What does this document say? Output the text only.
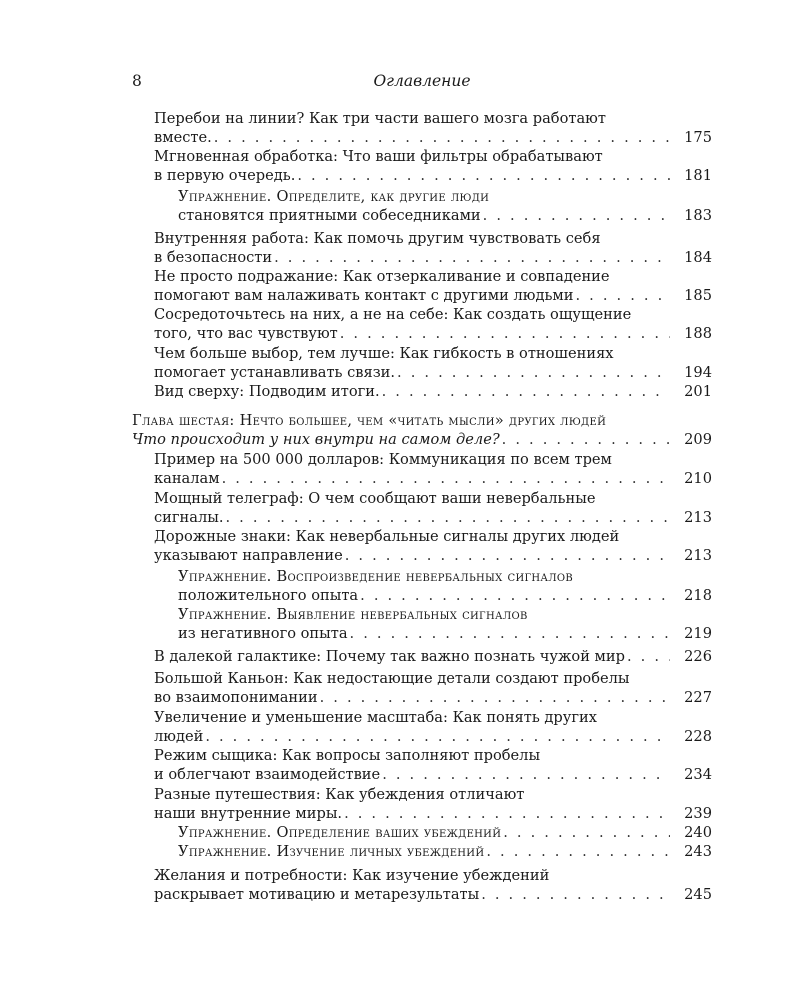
8	Оглавление
Перебои на линии? Как три части вашего мозга работают
вместе. . . .	175
Мгновенная обработка: Что ваши фильтры обрабатывают
в первую очередь. . . .	181
Упражнение. Определите, как другие люди
становятся приятными собеседниками . . .	183
Внутренняя работа: Как помочь другим чувствовать себя
в безопасности . . .	184
Не просто подражание: Как отзеркаливание и совпадение
помогают вам налаживать контакт с другими людьми . . .	185
Сосредоточьтесь на них, а не на себе: Как создать ощущение
того, что вас чувствуют . . .	188
Чем больше выбор, тем лучше: Как гибкость в отношениях
помогает устанавливать связи. . . .	194
Вид сверху: Подводим итоги. . . .	201
Глава шестая: Нечто большее, чем «читать мысли» других людей
Что происходит у них внутри на самом деле? . . .	209
Пример на 500 000 долларов: Коммуникация по всем трем
каналам . . .	210
Мощный телеграф: О чем сообщают ваши невербальные
сигналы. . . .	213
Дорожные знаки: Как невербальные сигналы других людей
указывают направление . . .	213
Упражнение. Воспроизведение невербальных сигналов
положительного опыта . . .	218
Упражнение. Выявление невербальных сигналов
из негативного опыта . . .	219
В далекой галактике: Почему так важно познать чужой мир . . .	226
Большой Каньон: Как недостающие детали создают пробелы
во взаимопонимании . . .	227
Увеличение и уменьшение масштаба: Как понять других
людей . . .	228
Режим сыщика: Как вопросы заполняют пробелы
и облегчают взаимодействие . . .	234
Разные путешествия: Как убеждения отличают
наши внутренние миры. . . .	239
Упражнение. Определение ваших убеждений . . .	240
Упражнение. Изучение личных убеждений . . .	243
Желания и потребности: Как изучение убеждений
раскрывает мотивацию и метарезультаты . . .	245
